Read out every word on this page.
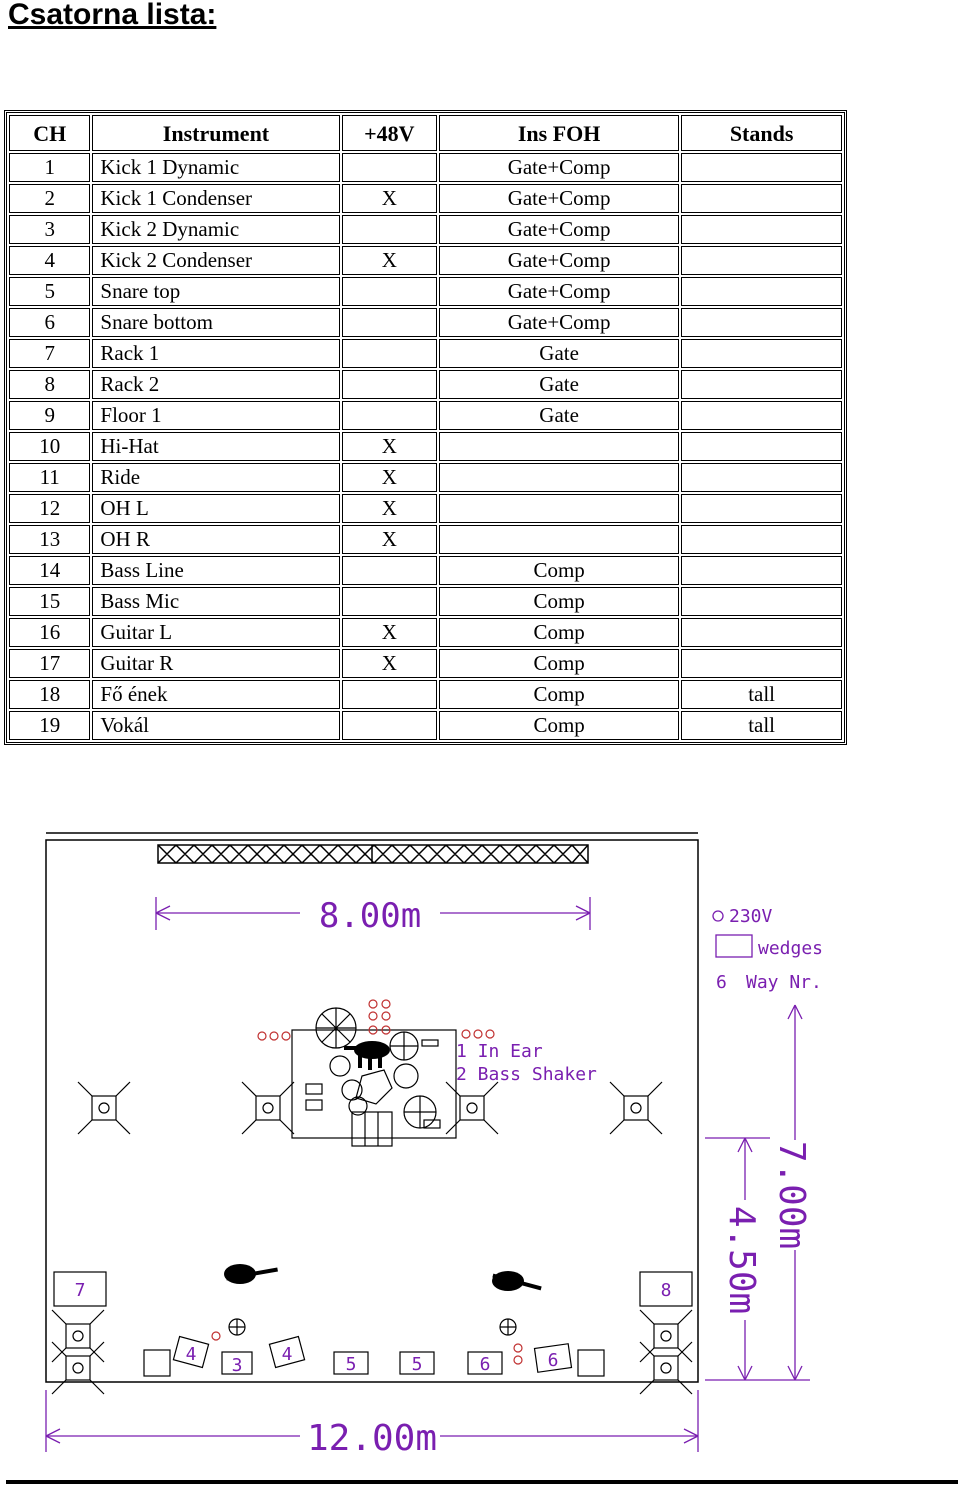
Csatorna lista:
CH	Instrument	+48V	Ins FOH	Stands
1	Kick 1 Dynamic		Gate+Comp	
2	Kick 1 Condenser	X	Gate+Comp	
3	Kick 2 Dynamic		Gate+Comp	
4	Kick 2 Condenser	X	Gate+Comp	
5	Snare top		Gate+Comp	
6	Snare bottom		Gate+Comp	
7	Rack 1		Gate	
8	Rack 2		Gate	
9	Floor 1		Gate	
10	Hi-Hat	X		
11	Ride	X		
12	OH L	X		
13	OH R	X		
14	Bass Line		Comp	
15	Bass Mic		Comp	
16	Guitar L	X	Comp	
17	Guitar R	X	Comp	
18	Fő ének		Comp	tall
19	Vokál		Comp	tall
8.00m
12.00m
7.00m
4.50m
230V
wedges
6 Way Nr.
1 In Ear
2 Bass Shaker
7	8
4
3
4	5	5	6	6
